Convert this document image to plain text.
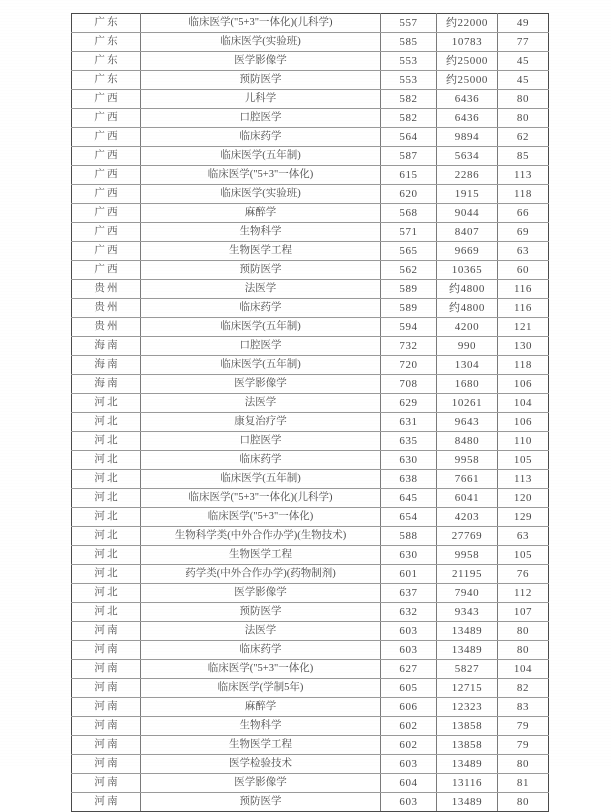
广东	临床医学("5+3"一体化)(儿科学)	557	约22000	49
广东	临床医学(实验班)	585	10783	77
广东	医学影像学	553	约25000	45
广东	预防医学	553	约25000	45
广西	儿科学	582	6436	80
广西	口腔医学	582	6436	80
广西	临床药学	564	9894	62
广西	临床医学(五年制)	587	5634	85
广西	临床医学("5+3"一体化)	615	2286	113
广西	临床医学(实验班)	620	1915	118
广西	麻醉学	568	9044	66
广西	生物科学	571	8407	69
广西	生物医学工程	565	9669	63
广西	预防医学	562	10365	60
贵州	法医学	589	约4800	116
贵州	临床药学	589	约4800	116
贵州	临床医学(五年制)	594	4200	121
海南	口腔医学	732	990	130
海南	临床医学(五年制)	720	1304	118
海南	医学影像学	708	1680	106
河北	法医学	629	10261	104
河北	康复治疗学	631	9643	106
河北	口腔医学	635	8480	110
河北	临床药学	630	9958	105
河北	临床医学(五年制)	638	7661	113
河北	临床医学("5+3"一体化)(儿科学)	645	6041	120
河北	临床医学("5+3"一体化)	654	4203	129
河北	生物科学类(中外合作办学)(生物技术)	588	27769	63
河北	生物医学工程	630	9958	105
河北	药学类(中外合作办学)(药物制剂)	601	21195	76
河北	医学影像学	637	7940	112
河北	预防医学	632	9343	107
河南	法医学	603	13489	80
河南	临床药学	603	13489	80
河南	临床医学("5+3"一体化)	627	5827	104
河南	临床医学(学制5年)	605	12715	82
河南	麻醉学	606	12323	83
河南	生物科学	602	13858	79
河南	生物医学工程	602	13858	79
河南	医学检验技术	603	13489	80
河南	医学影像学	604	13116	81
河南	预防医学	603	13489	80
